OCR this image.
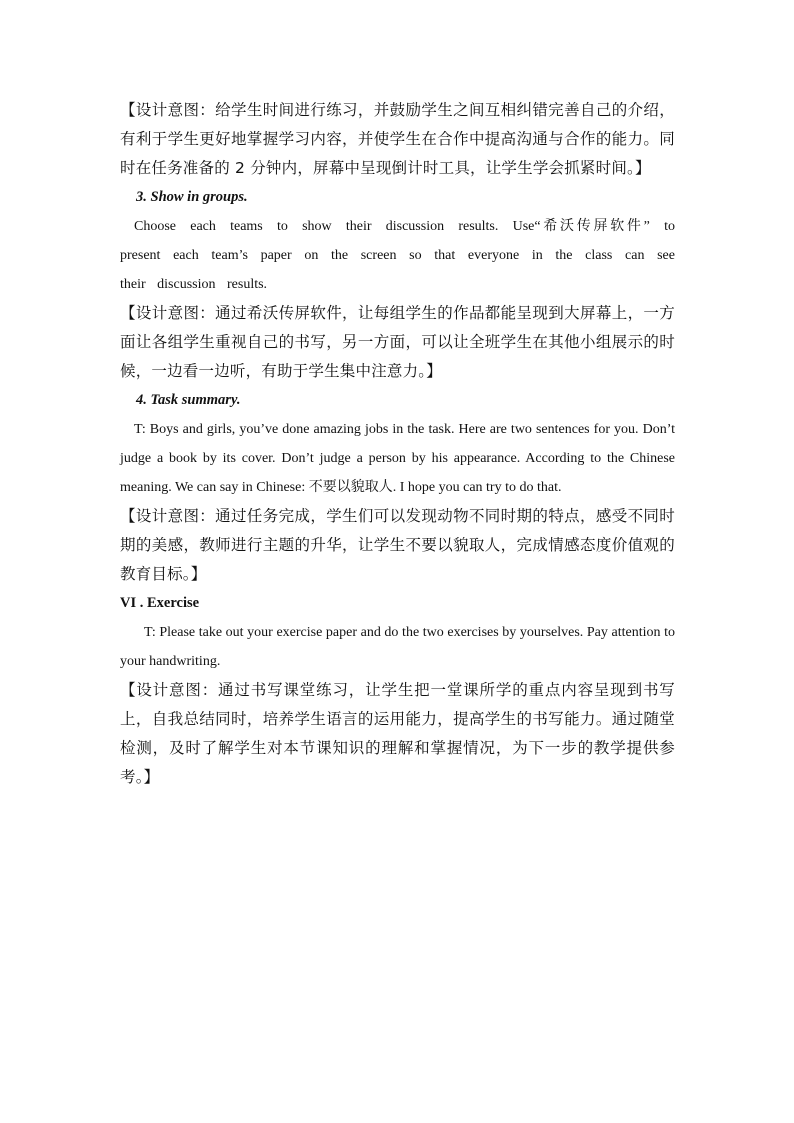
【设计意图：给学生时间进行练习，并鼓励学生之间互相纠错完善自己的介绍，有利于学生更好地掌握学习内容，并使学生在合作中提高沟通与合作的能力。同时在任务准备的 2 分钟内，屏幕中呈现倒计时工具，让学生学会抓紧时间。】

3. Show in groups.

Choose each teams to show their discussion results. Use“希沃传屏软件” to present each team’s paper on the screen so that everyone in the class can see their discussion results.

【设计意图：通过希沃传屏软件，让每组学生的作品都能呈现到大屏幕上，一方面让各组学生重视自己的书写，另一方面，可以让全班学生在其他小组展示的时候，一边看一边听，有助于学生集中注意力。】

4. Task summary.

T: Boys and girls, you’ve done amazing jobs in the task. Here are two sentences for you. Don’t judge a book by its cover. Don’t judge a person by his appearance. According to the Chinese meaning. We can say in Chinese: 不要以貌取人. I hope you can try to do that.

【设计意图：通过任务完成，学生们可以发现动物不同时期的特点，感受不同时期的美感，教师进行主题的升华，让学生不要以貌取人，完成情感态度价值观的教育目标。】

VI . Exercise

T: Please take out your exercise paper and do the two exercises by yourselves. Pay attention to your handwriting.

【设计意图：通过书写课堂练习，让学生把一堂课所学的重点内容呈现到书写上，自我总结同时，培养学生语言的运用能力，提高学生的书写能力。通过随堂检测，及时了解学生对本节课知识的理解和掌握情况，为下一步的教学提供参考。】
